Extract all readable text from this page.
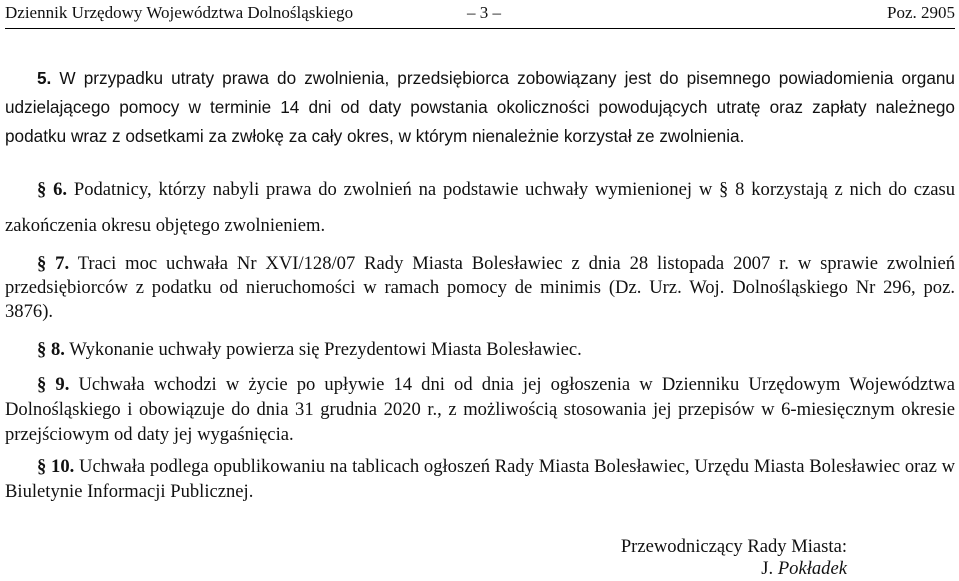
Dziennik Urzędowy Województwa Dolnośląskiego	– 3 –	Poz. 2905
5. W przypadku utraty prawa do zwolnienia, przedsiębiorca zobowiązany jest do pisemnego powiadomienia organu udzielającego pomocy w terminie 14 dni od daty powstania okoliczności powodujących utratę oraz zapłaty należnego podatku wraz z odsetkami za zwłokę za cały okres, w którym nienależnie korzystał ze zwolnienia.
§ 6. Podatnicy, którzy nabyli prawa do zwolnień na podstawie uchwały wymienionej w § 8 korzystają z nich do czasu zakończenia okresu objętego zwolnieniem.
§ 7. Traci moc uchwała Nr XVI/128/07 Rady Miasta Bolesławiec z dnia 28 listopada 2007 r. w sprawie zwolnień przedsiębiorców z podatku od nieruchomości w ramach pomocy de minimis (Dz. Urz. Woj. Dolnośląskiego Nr 296, poz. 3876).
§ 8. Wykonanie uchwały powierza się Prezydentowi Miasta Bolesławiec.
§ 9. Uchwała wchodzi w życie po upływie 14 dni od dnia jej ogłoszenia w Dzienniku Urzędowym Województwa Dolnośląskiego i obowiązuje do dnia 31 grudnia 2020 r., z możliwością stosowania jej przepisów w 6-miesięcznym okresie przejściowym od daty jej wygaśnięcia.
§ 10. Uchwała podlega opublikowaniu na tablicach ogłoszeń Rady Miasta Bolesławiec, Urzędu Miasta Bolesławiec oraz w Biuletynie Informacji Publicznej.
Przewodniczący Rady Miasta:
J. Pokładek
